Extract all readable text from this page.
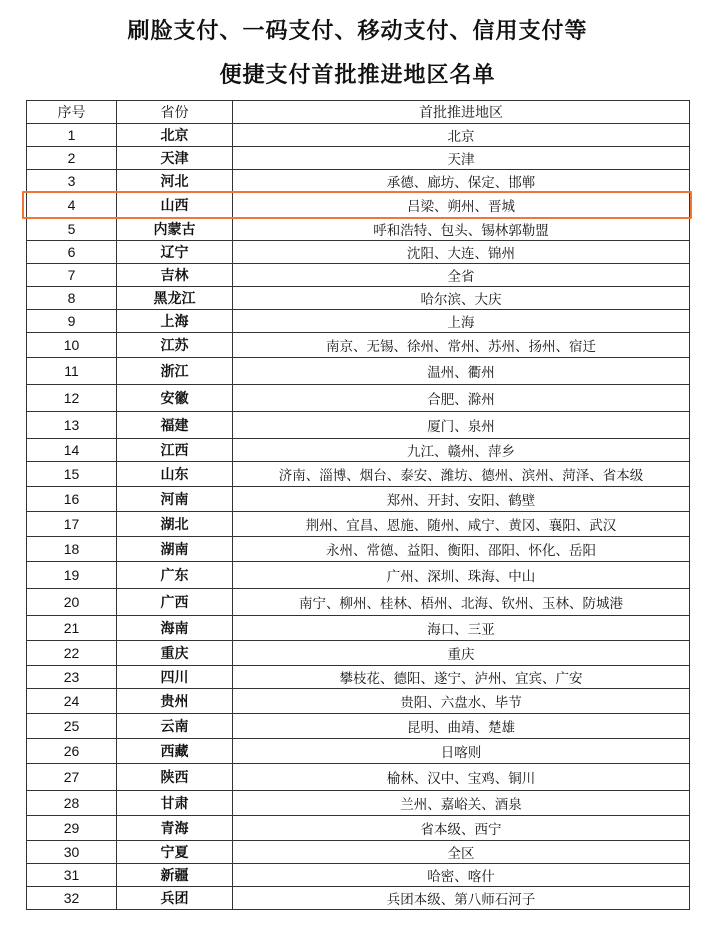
刷脸支付、一码支付、移动支付、信用支付等
便捷支付首批推进地区名单
序号	省份	首批推进地区
1	北京	北京
2	天津	天津
3	河北	承德、廊坊、保定、邯郸
4	山西	吕梁、朔州、晋城
5	内蒙古	呼和浩特、包头、锡林郭勒盟
6	辽宁	沈阳、大连、锦州
7	吉林	全省
8	黑龙江	哈尔滨、大庆
9	上海	上海
10	江苏	南京、无锡、徐州、常州、苏州、扬州、宿迁
11	浙江	温州、衢州
12	安徽	合肥、滁州
13	福建	厦门、泉州
14	江西	九江、赣州、萍乡
15	山东	济南、淄博、烟台、泰安、潍坊、德州、滨州、菏泽、省本级
16	河南	郑州、开封、安阳、鹤壁
17	湖北	荆州、宜昌、恩施、随州、咸宁、黄冈、襄阳、武汉
18	湖南	永州、常德、益阳、衡阳、邵阳、怀化、岳阳
19	广东	广州、深圳、珠海、中山
20	广西	南宁、柳州、桂林、梧州、北海、钦州、玉林、防城港
21	海南	海口、三亚
22	重庆	重庆
23	四川	攀枝花、德阳、遂宁、泸州、宜宾、广安
24	贵州	贵阳、六盘水、毕节
25	云南	昆明、曲靖、楚雄
26	西藏	日喀则
27	陕西	榆林、汉中、宝鸡、铜川
28	甘肃	兰州、嘉峪关、酒泉
29	青海	省本级、西宁
30	宁夏	全区
31	新疆	哈密、喀什
32	兵团	兵团本级、第八师石河子
